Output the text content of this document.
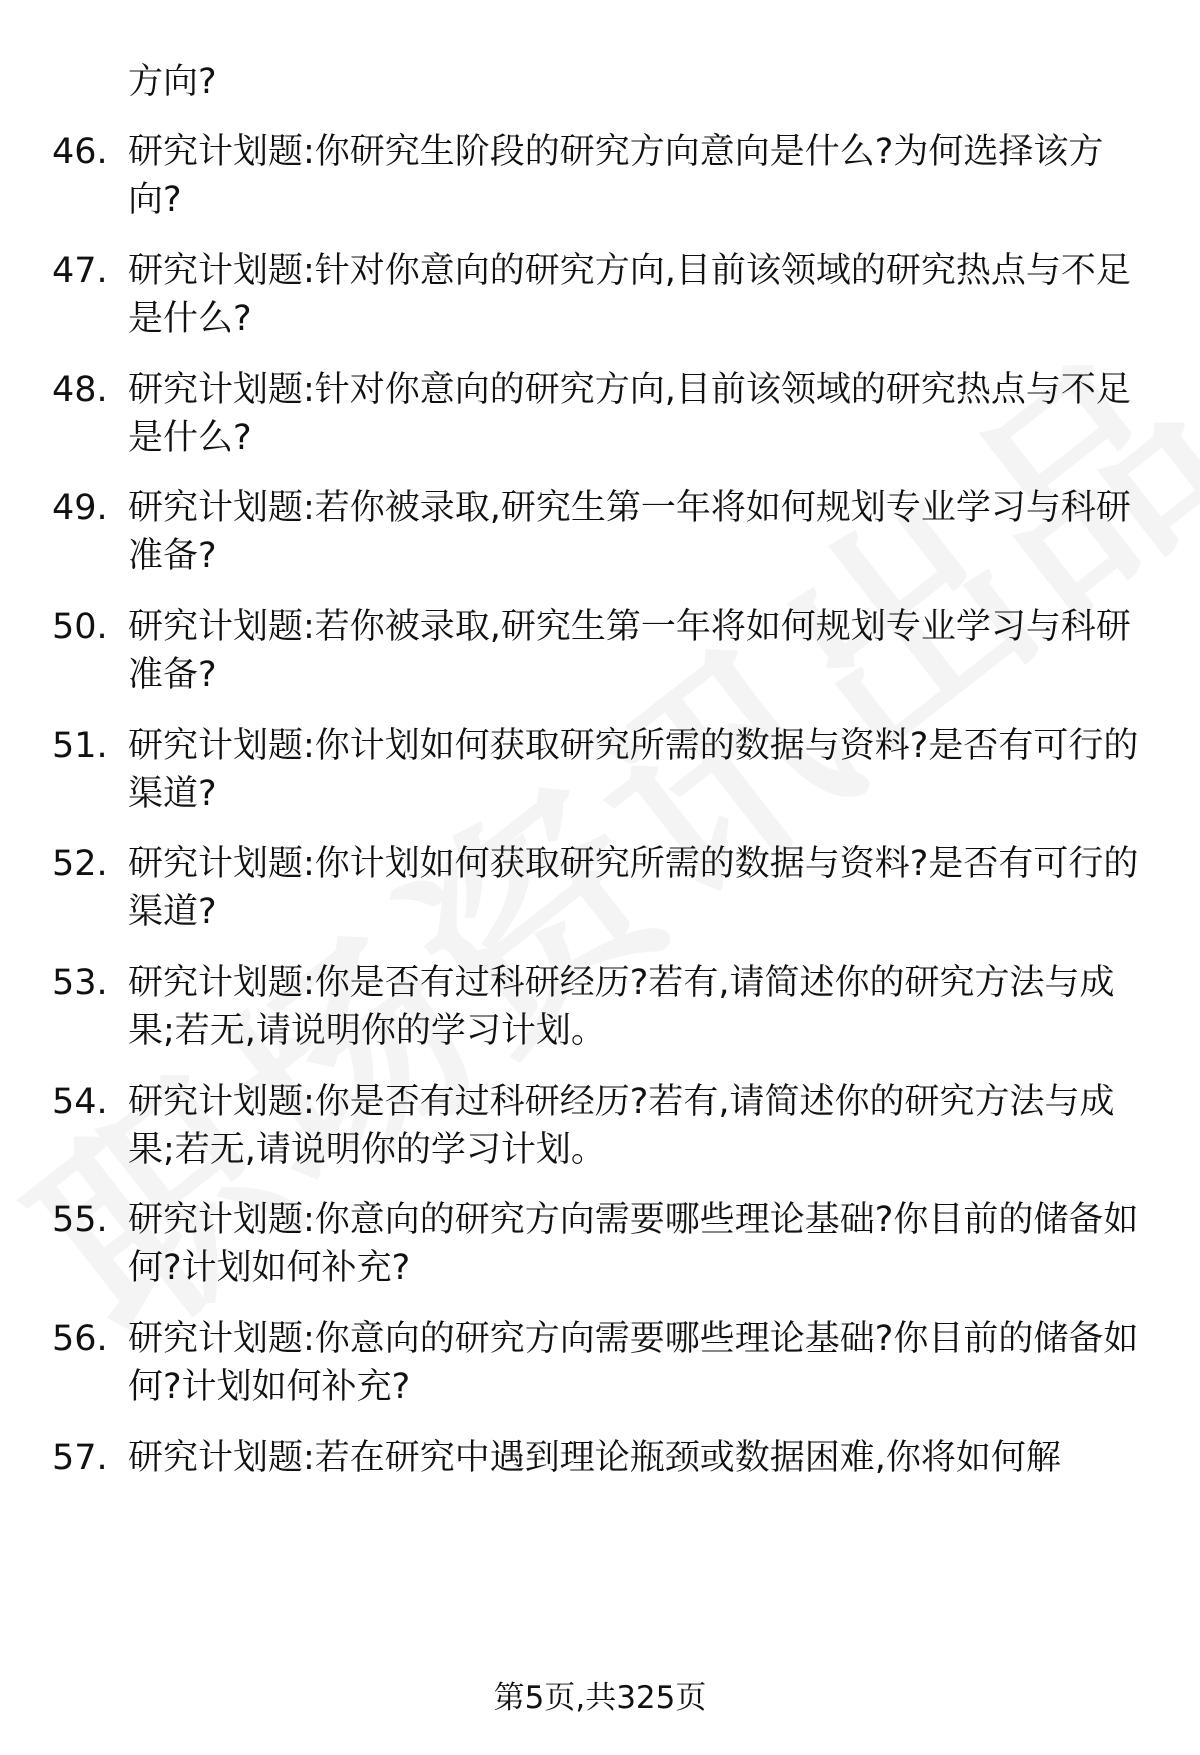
方向?
46. 研究计划题:你研究生阶段的研究方向意向是什么?为何选择该方向?
47. 研究计划题:针对你意向的研究方向,目前该领域的研究热点与不足是什么?
48. 研究计划题:针对你意向的研究方向,目前该领域的研究热点与不足是什么?
49. 研究计划题:若你被录取,研究生第一年将如何规划专业学习与科研准备?
50. 研究计划题:若你被录取,研究生第一年将如何规划专业学习与科研准备?
51. 研究计划题:你计划如何获取研究所需的数据与资料?是否有可行的渠道?
52. 研究计划题:你计划如何获取研究所需的数据与资料?是否有可行的渠道?
53. 研究计划题:你是否有过科研经历?若有,请简述你的研究方法与成果;若无,请说明你的学习计划。
54. 研究计划题:你是否有过科研经历?若有,请简述你的研究方法与成果;若无,请说明你的学习计划。
55. 研究计划题:你意向的研究方向需要哪些理论基础?你目前的储备如何?计划如何补充?
56. 研究计划题:你意向的研究方向需要哪些理论基础?你目前的储备如何?计划如何补充?
57. 研究计划题:若在研究中遇到理论瓶颈或数据困难,你将如何解
第5页,共325页
